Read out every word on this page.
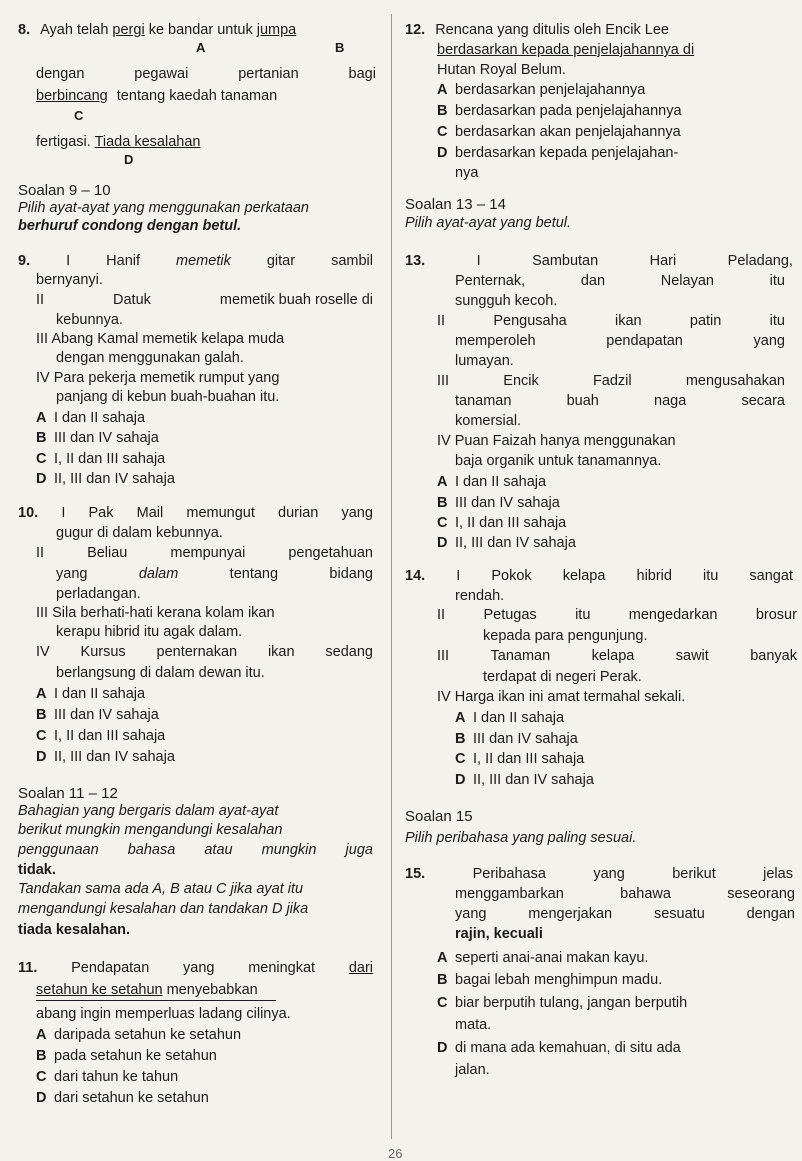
8. Ayah telah pergi ke bandar untuk jumpa
A	B
dengan	pegawai	pertanian	bagi
berbincang tentang kaedah tanaman
C
fertigasi. Tiada kesalahan
D
Soalan 9 – 10
Pilih ayat-ayat yang menggunakan perkataan
berhuruf condong dengan betul.
9. I Hanif memetik gitar sambil
bernyanyi.
II	Datuk	memetik buah roselle di
kebunnya.
III Abang Kamal memetik kelapa muda
dengan menggunakan galah.
IV Para pekerja memetik rumput yang
panjang di kebun buah-buahan itu.
A I dan II sahaja
B III dan IV sahaja
C I, II dan III sahaja
D II, III dan IV sahaja
10. I Pak Mail memungut durian yang
gugur di dalam kebunnya.
II	Beliau	mempunyai	pengetahuan
yang	dalam	tentang	bidang
perladangan.
III Sila berhati-hati kerana kolam ikan
kerapu hibrid itu agak dalam.
IV Kursus penternakan ikan sedang
berlangsung di dalam dewan itu.
A I dan II sahaja
B III dan IV sahaja
C I, II dan III sahaja
D II, III dan IV sahaja
Soalan 11 – 12
Bahagian yang bergaris dalam ayat-ayat
berikut mungkin mengandungi kesalahan
penggunaan bahasa atau mungkin juga
tidak.
Tandakan sama ada A, B atau C jika ayat itu
mengandungi kesalahan dan tandakan D jika
tiada kesalahan.
11. Pendapatan yang meningkat dari
setahun ke setahun menyebabkan
abang ingin memperluas ladang cilinya.
A daripada setahun ke setahun
B pada setahun ke setahun
C dari tahun ke tahun
D dari setahun ke setahun
12. Rencana yang ditulis oleh Encik Lee
berdasarkan kepada penjelajahannya di
Hutan Royal Belum.
A berdasarkan penjelajahannya
B berdasarkan pada penjelajahannya
C berdasarkan akan penjelajahannya
D berdasarkan kepada penjelajahan-
nya
Soalan 13 – 14
Pilih ayat-ayat yang betul.
13.	I	Sambutan	Hari	Peladang,
Penternak,	dan	Nelayan	itu
sungguh kecoh.
II	Pengusaha	ikan	patin	itu
memperoleh	pendapatan	yang
lumayan.
III	Encik	Fadzil	mengusahakan
tanaman	buah	naga	secara
komersial.
IV Puan Faizah hanya menggunakan
baja organik untuk tanamannya.
A I dan II sahaja
B III dan IV sahaja
C I, II dan III sahaja
D II, III dan IV sahaja
14. I Pokok kelapa hibrid itu sangat
rendah.
II	Petugas	itu	mengedarkan	brosur
kepada para pengunjung.
III	Tanaman	kelapa	sawit	banyak
terdapat di negeri Perak.
IV Harga ikan ini amat termahal sekali.
A I dan II sahaja
B III dan IV sahaja
C I, II dan III sahaja
D II, III dan IV sahaja
Soalan 15
Pilih peribahasa yang paling sesuai.
15.	Peribahasa	yang	berikut	jelas
menggambarkan	bahawa	seseorang
yang	mengerjakan	sesuatu	dengan
rajin, kecuali
A seperti anai-anai makan kayu.
B bagai lebah menghimpun madu.
C biar berputih tulang, jangan berputih
mata.
D di mana ada kemahuan, di situ ada
jalan.
26
